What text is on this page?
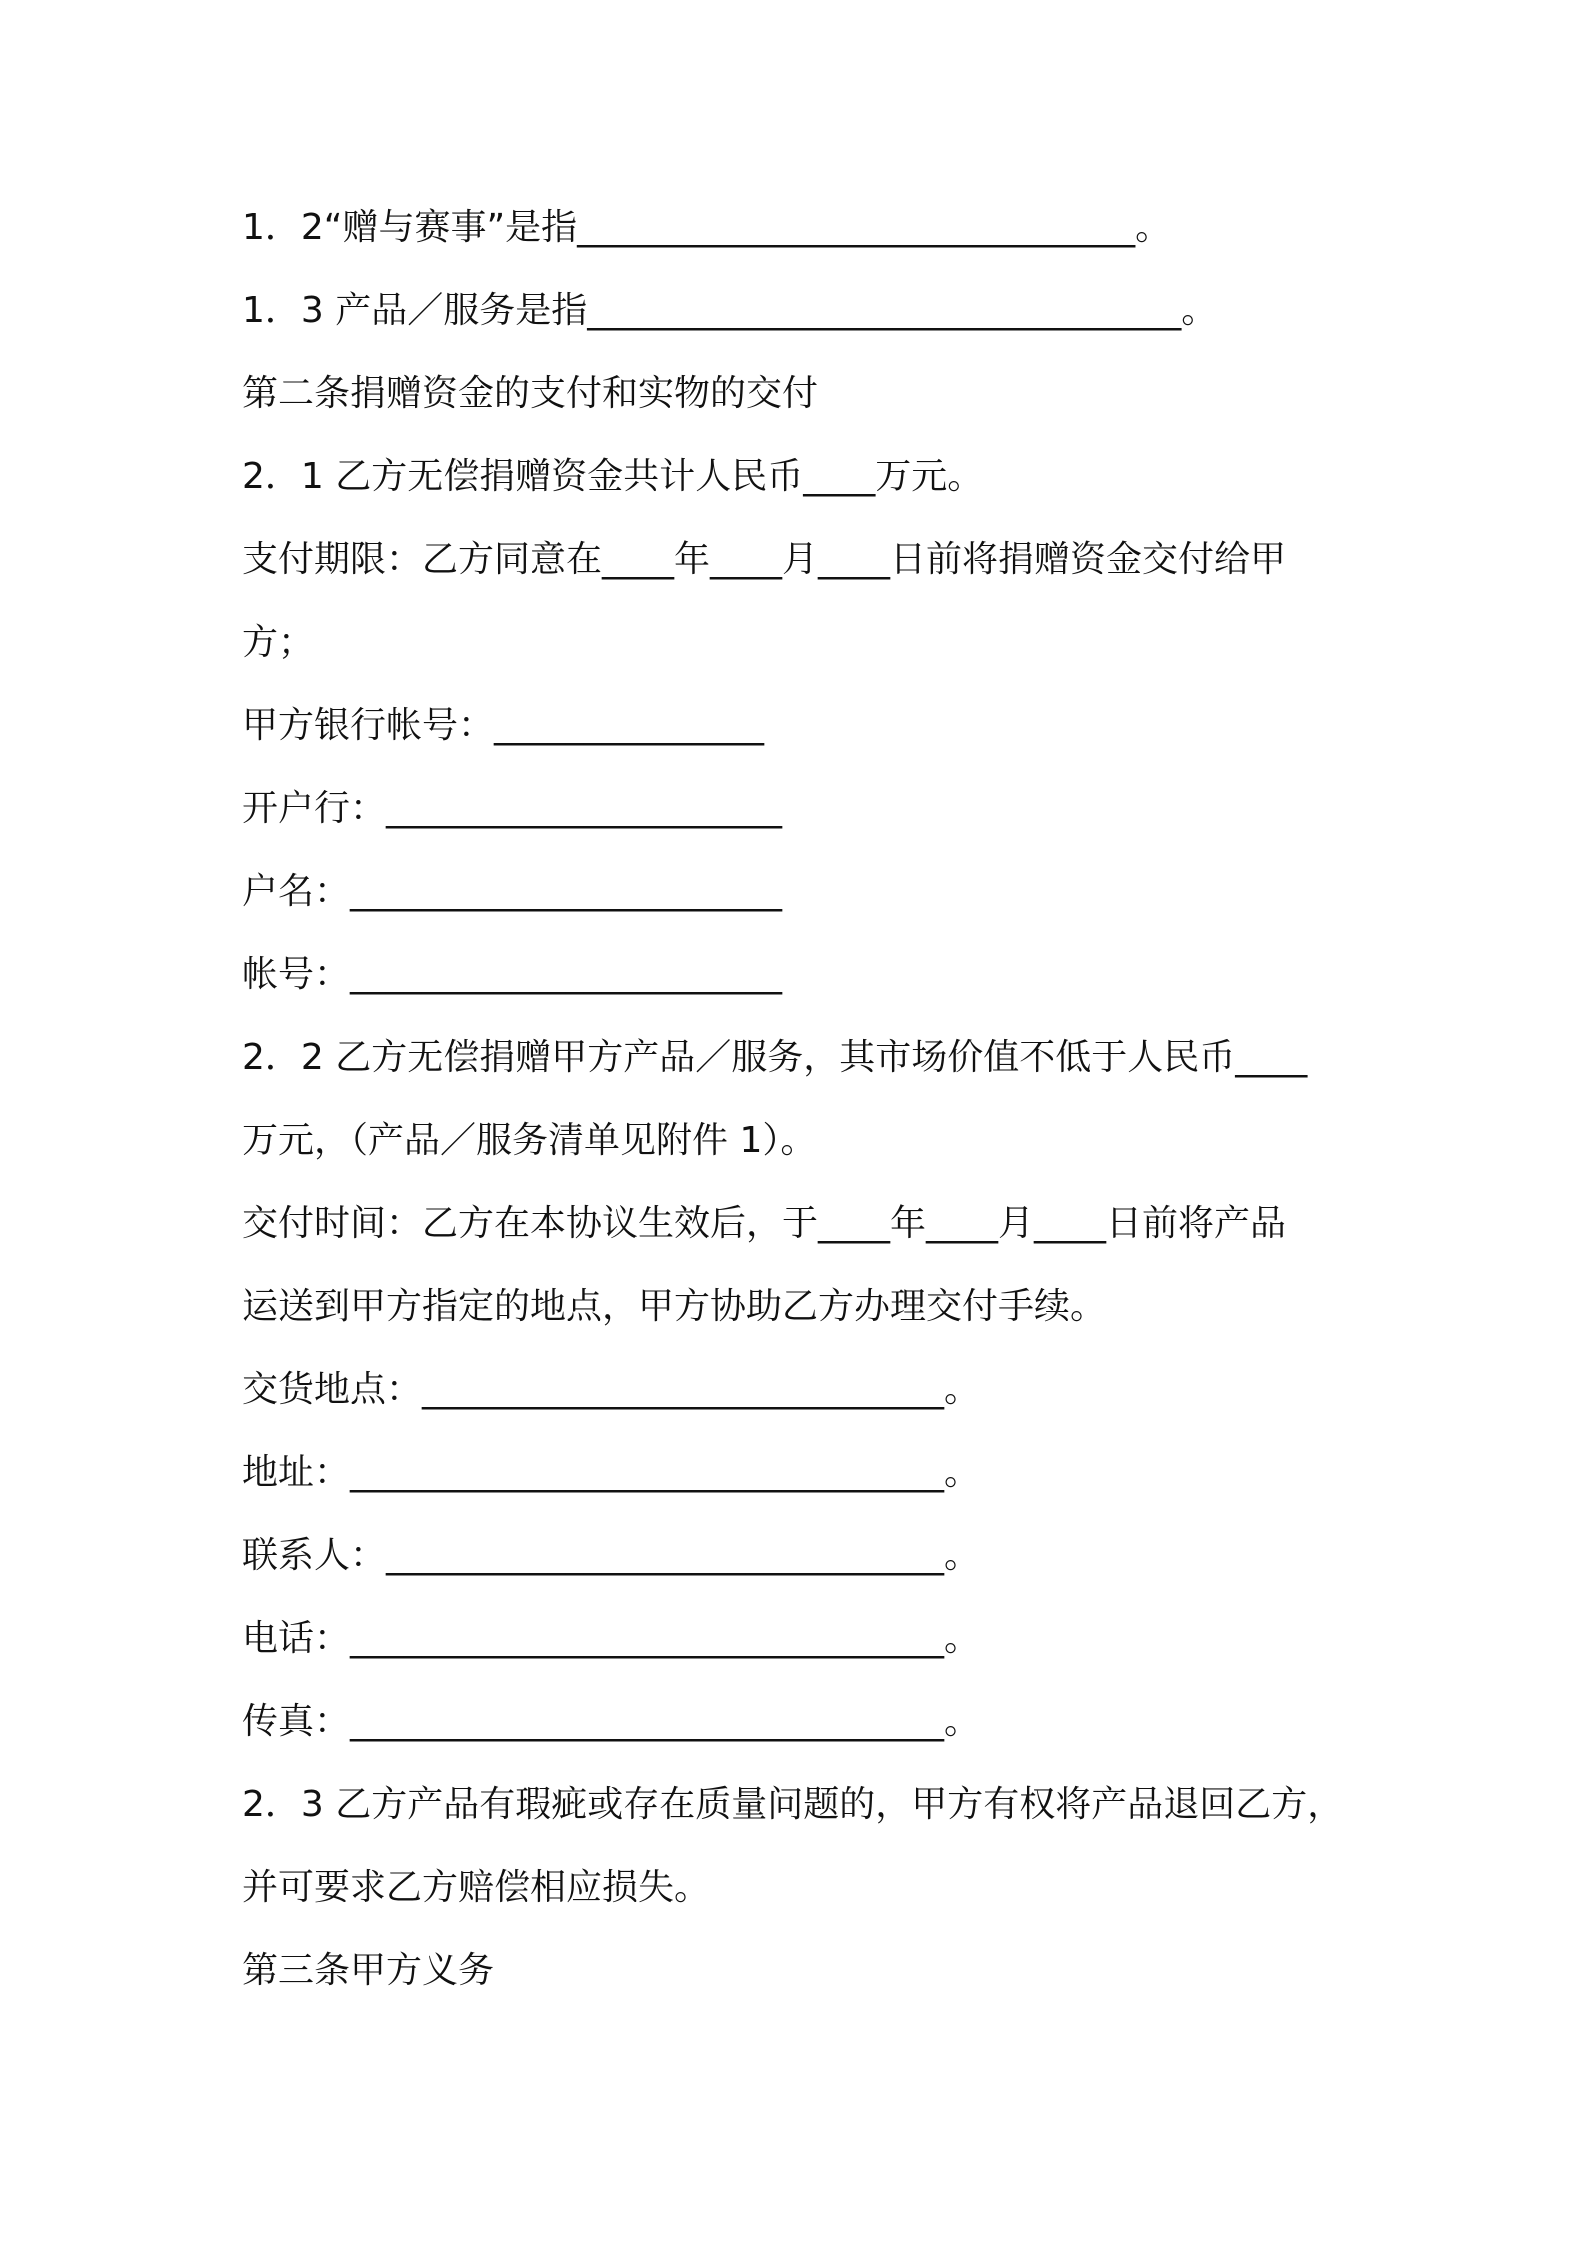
1．2“赠与赛事”是指_______________________________。
1．3 产品／服务是指_________________________________。
第二条捐赠资金的支付和实物的交付
2．1 乙方无偿捐赠资金共计人民币____万元。
支付期限：乙方同意在____年____月____日前将捐赠资金交付给甲
方；
甲方银行帐号：_______________
开户行：______________________
户名：________________________
帐号：________________________
2．2 乙方无偿捐赠甲方产品／服务，其市场价值不低于人民币____
万元，（产品／服务清单见附件 1）。
交付时间：乙方在本协议生效后，于____年____月____日前将产品
运送到甲方指定的地点，甲方协助乙方办理交付手续。
交货地点：_____________________________。
地址：_________________________________。
联系人：_______________________________。
电话：_________________________________。
传真：_________________________________。
2．3 乙方产品有瑕疵或存在质量问题的，甲方有权将产品退回乙方，
并可要求乙方赔偿相应损失。
第三条甲方义务
